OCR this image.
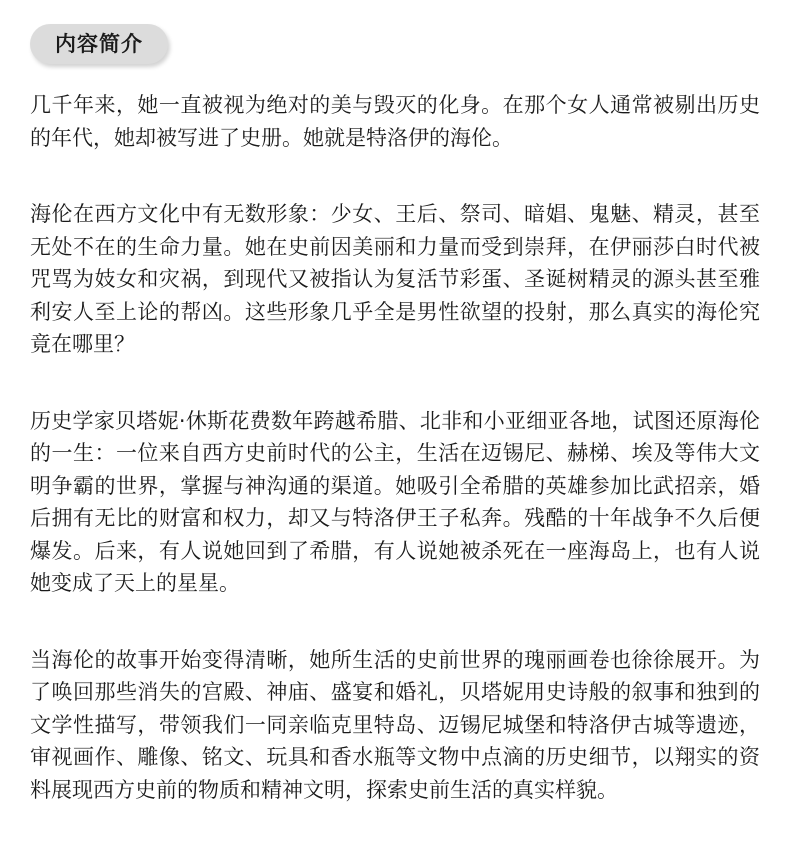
内容简介

几千年来，她一直被视为绝对的美与毁灭的化身。在那个女人通常被剔出历史的年代，她却被写进了史册。她就是特洛伊的海伦。

海伦在西方文化中有无数形象：少女、王后、祭司、暗娼、鬼魅、精灵，甚至无处不在的生命力量。她在史前因美丽和力量而受到崇拜，在伊丽莎白时代被咒骂为妓女和灾祸，到现代又被指认为复活节彩蛋、圣诞树精灵的源头甚至雅利安人至上论的帮凶。这些形象几乎全是男性欲望的投射，那么真实的海伦究竟在哪里？

历史学家贝塔妮·休斯花费数年跨越希腊、北非和小亚细亚各地，试图还原海伦的一生：一位来自西方史前时代的公主，生活在迈锡尼、赫梯、埃及等伟大文明争霸的世界，掌握与神沟通的渠道。她吸引全希腊的英雄参加比武招亲，婚后拥有无比的财富和权力，却又与特洛伊王子私奔。残酷的十年战争不久后便爆发。后来，有人说她回到了希腊，有人说她被杀死在一座海岛上，也有人说她变成了天上的星星。

当海伦的故事开始变得清晰，她所生活的史前世界的瑰丽画卷也徐徐展开。为了唤回那些消失的宫殿、神庙、盛宴和婚礼，贝塔妮用史诗般的叙事和独到的文学性描写，带领我们一同亲临克里特岛、迈锡尼城堡和特洛伊古城等遗迹，审视画作、雕像、铭文、玩具和香水瓶等文物中点滴的历史细节，以翔实的资料展现西方史前的物质和精神文明，探索史前生活的真实样貌。
